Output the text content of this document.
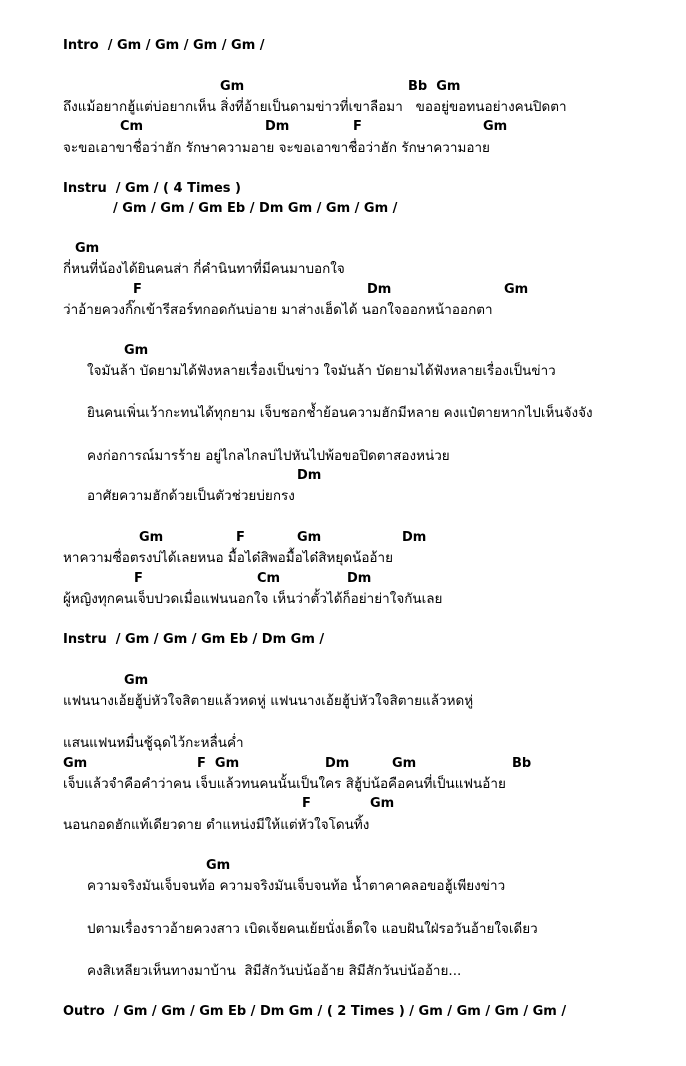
Intro  / Gm / Gm / Gm / Gm /

Gm

	Bb  Gm

ถึงแม้อยากฮู้แต่บ่อยากเห็น สิ่งที่อ้ายเป็นดามข่าวที่เขาลือมา   ขออยู่ขอทนอย่างคนปิดตา

Cm

	Dm

	F

	Gm

จะขอเอาขาชื่อว่าฮัก รักษาความอาย จะขอเอาขาชื่อว่าฮัก รักษาความอาย

Instru  / Gm / ( 4 Times )

/ Gm / Gm / Gm Eb / Dm Gm / Gm / Gm /

Gm

กี่หนที่น้องได้ยินคนส่า กี่คำนินทาที่มีคนมาบอกใจ

F

	Dm

	Gm

ว่าอ้ายควงกิ๊กเข้ารีสอร์ทกอดกันบ่อาย มาส่างเฮ็ดได้ นอกใจออกหน้าออกตา

Gm

ใจมันล้า บัดยามได้ฟังหลายเรื่องเป็นข่าว ใจมันล้า บัดยามได้ฟังหลายเรื่องเป็นข่าว

ยินคนเพิ่นเว้ากะทนได้ทุกยาม เจ็บชอกช้ำย้อนความฮักมีหลาย คงแป๋ตายหากไปเห็นจังจัง

คงก่อการณ์มารร้าย อยู่ไกลไกลบ่ไปหันไปพ้อขอปิดตาสองหน่วย

Dm

อาศัยความฮักด้วยเป็นตัวช่วยบ่ยกรง

Gm

	F

	Gm

	Dm

หาความซื่อตรงบ่ได้เลยหนอ มื้อได๋สิพอมื้อได๋สิหยุดน้ออ้าย

F

	Cm

	Dm

ผู้หญิงทุกคนเจ็บปวดเมื่อแฟนนอกใจ เห็นว่าตั้วได้ก็อย่าย่าใจกันเลย

Instru  / Gm / Gm / Gm Eb / Dm Gm /

Gm

แฟนนางเอ้ยฮู้บ่หัวใจสิตายแล้วหดหู่ แฟนนางเอ้ยฮู้บ่หัวใจสิตายแล้วหดหู่

แสนแฟนหมื่นชู้ฉุดไว้กะหลื่นค่ำ

Gm

	F  Gm

	Dm

	Gm

	Bb

เจ็บแล้วจำคือคำว่าคน เจ็บแล้วทนคนนั้นเป็นใคร สิฮู้บ่น้อคือคนที่เป็นแฟนอ้าย

F

	Gm

นอนกอดฮักแท้เดียวดาย ตำแหน่งมีให้แต่หัวใจโดนทิ้ง

Gm

ความจริงมันเจ็บจนท้อ ความจริงมันเจ็บจนท้อ น้ำตาคาคลอขอฮู้เพียงข่าว

ปตามเรื่องราวอ้ายควงสาว เบิดเจ้ยคนเย้ยนั่งเฮ็ดใจ แอบฝันใฝ่รอวันอ้ายใจเดียว

คงสิเหลียวเห็นทางมาบ้าน  สิมีสักวันบ่น้ออ้าย สิมีสักวันบ่น้ออ้าย...

Outro  / Gm / Gm / Gm Eb / Dm Gm / ( 2 Times ) / Gm / Gm / Gm / Gm /
